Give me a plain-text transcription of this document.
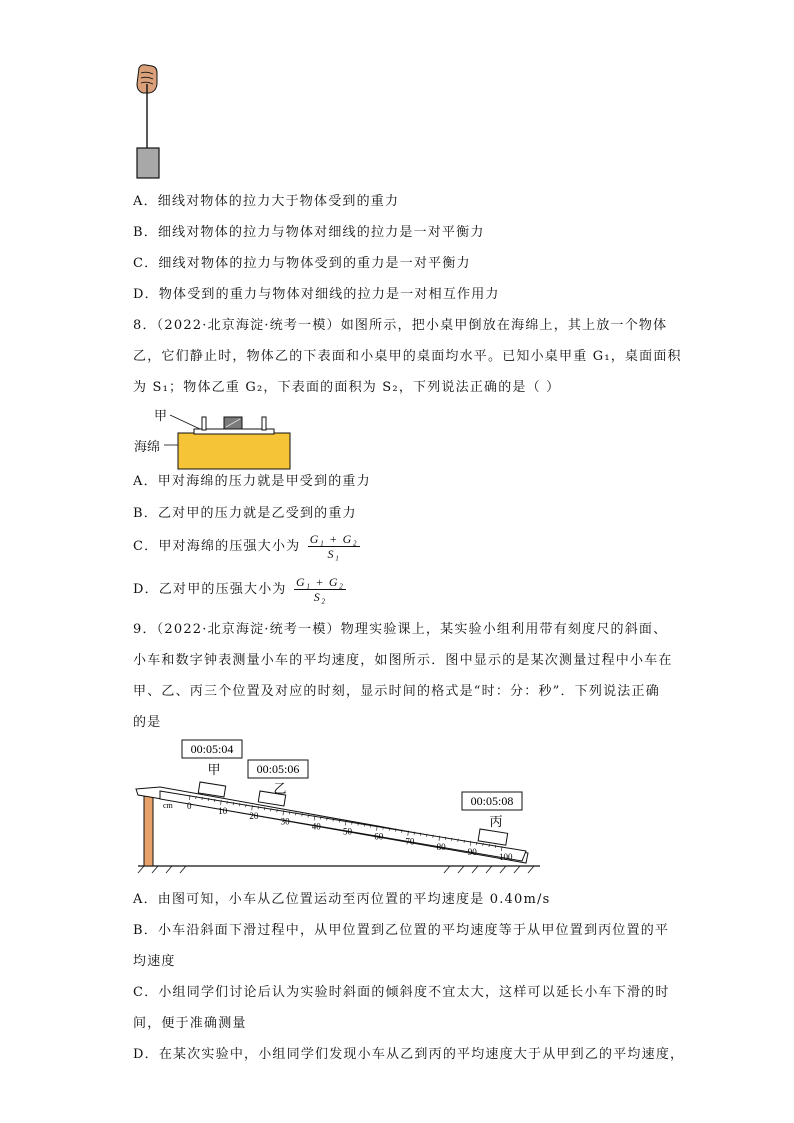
A．细线对物体的拉力大于物体受到的重力
B．细线对物体的拉力与物体对细线的拉力是一对平衡力
C．细线对物体的拉力与物体受到的重力是一对平衡力
D．物体受到的重力与物体对细线的拉力是一对相互作用力
8．（2022·北京海淀·统考一模）如图所示，把小桌甲倒放在海绵上，其上放一个物体
乙，它们静止时，物体乙的下表面和小桌甲的桌面均水平。已知小桌甲重 G₁，桌面面积
为 S₁；物体乙重 G₂，下表面的面积为 S₂，下列说法正确的是（ ）
甲
海绵
A．甲对海绵的压力就是甲受到的重力
B．乙对甲的压力就是乙受到的重力
C．甲对海绵的压强大小为 $\frac{\text{G₁ + G₂}}{\text{S₁}}$
D．乙对甲的压强大小为 $\frac{\text{G₁ + G₂}}{\text{S₂}}$
9．（2022·北京海淀·统考一模）物理实验课上，某实验小组利用带有刻度尺的斜面、
小车和数字钟表测量小车的平均速度，如图所示．图中显示的是某次测量过程中小车在
甲、乙、丙三个位置及对应的时刻，显示时间的格式是“时：分：秒”．下列说法正确
的是
cm 0
10
20
30
40
50
60
70
80
90
100
00:05:04
甲	00:05:06
乙
00:05:08
丙
A．由图可知，小车从乙位置运动至丙位置的平均速度是 0.40m/s
B．小车沿斜面下滑过程中，从甲位置到乙位置的平均速度等于从甲位置到丙位置的平
均速度
C．小组同学们讨论后认为实验时斜面的倾斜度不宜太大，这样可以延长小车下滑的时
间，便于准确测量
D．在某次实验中，小组同学们发现小车从乙到丙的平均速度大于从甲到乙的平均速度，
